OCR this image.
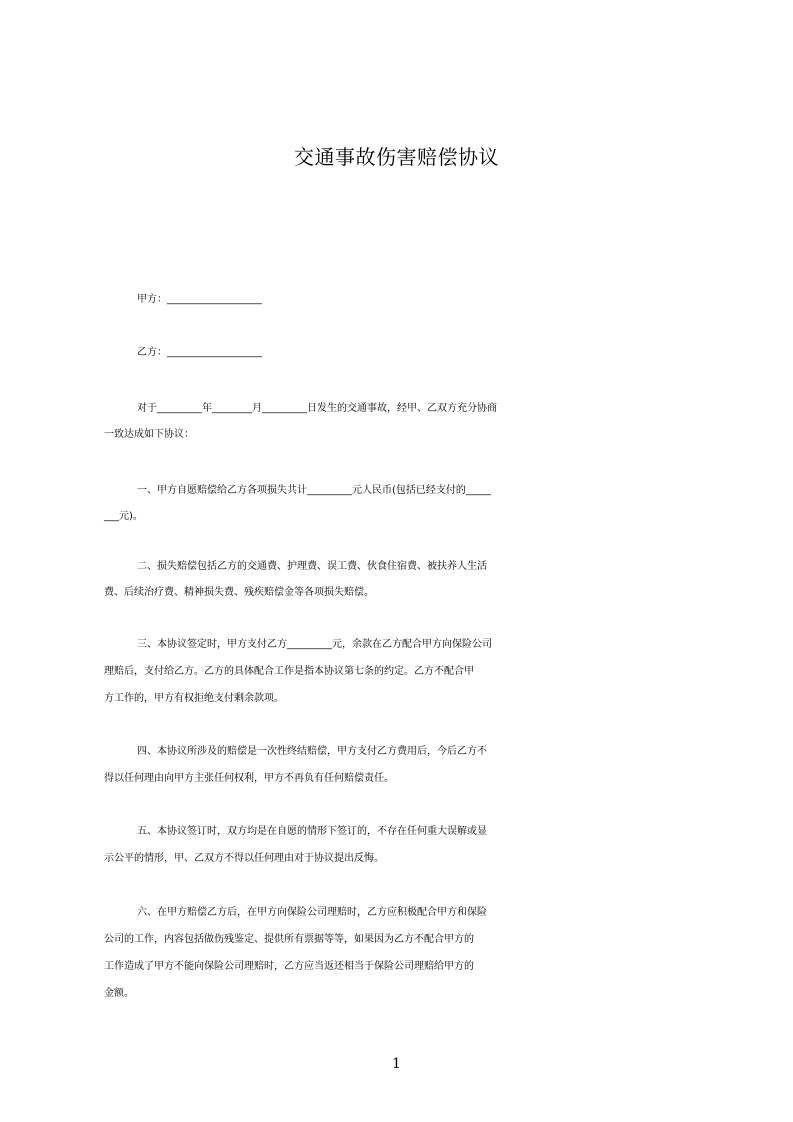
交通事故伤害赔偿协议
甲方：___________________
乙方：___________________
对于_________年________月_________日发生的交通事故，经甲、乙双方充分协商
一致达成如下协议：
一、甲方自愿赔偿给乙方各项损失共计_________元人民币(包括已经支付的_____
___元)。
二、损失赔偿包括乙方的交通费、护理费、误工费、伙食住宿费、被扶养人生活
费、后续治疗费、精神损失费、残疾赔偿金等各项损失赔偿。
三、本协议签定时，甲方支付乙方_________元，余款在乙方配合甲方向保险公司
理赔后，支付给乙方。乙方的具体配合工作是指本协议第七条的约定。乙方不配合甲
方工作的，甲方有权拒绝支付剩余款项。
四、本协议所涉及的赔偿是一次性终结赔偿，甲方支付乙方费用后，今后乙方不
得以任何理由向甲方主张任何权利，甲方不再负有任何赔偿责任。
五、本协议签订时，双方均是在自愿的情形下签订的，不存在任何重大误解或显
示公平的情形，甲、乙双方不得以任何理由对于协议提出反悔。
六、在甲方赔偿乙方后，在甲方向保险公司理赔时，乙方应积极配合甲方和保险
公司的工作，内容包括做伤残鉴定、提供所有票据等等，如果因为乙方不配合甲方的
工作造成了甲方不能向保险公司理赔时，乙方应当返还相当于保险公司理赔给甲方的
金额。
1
